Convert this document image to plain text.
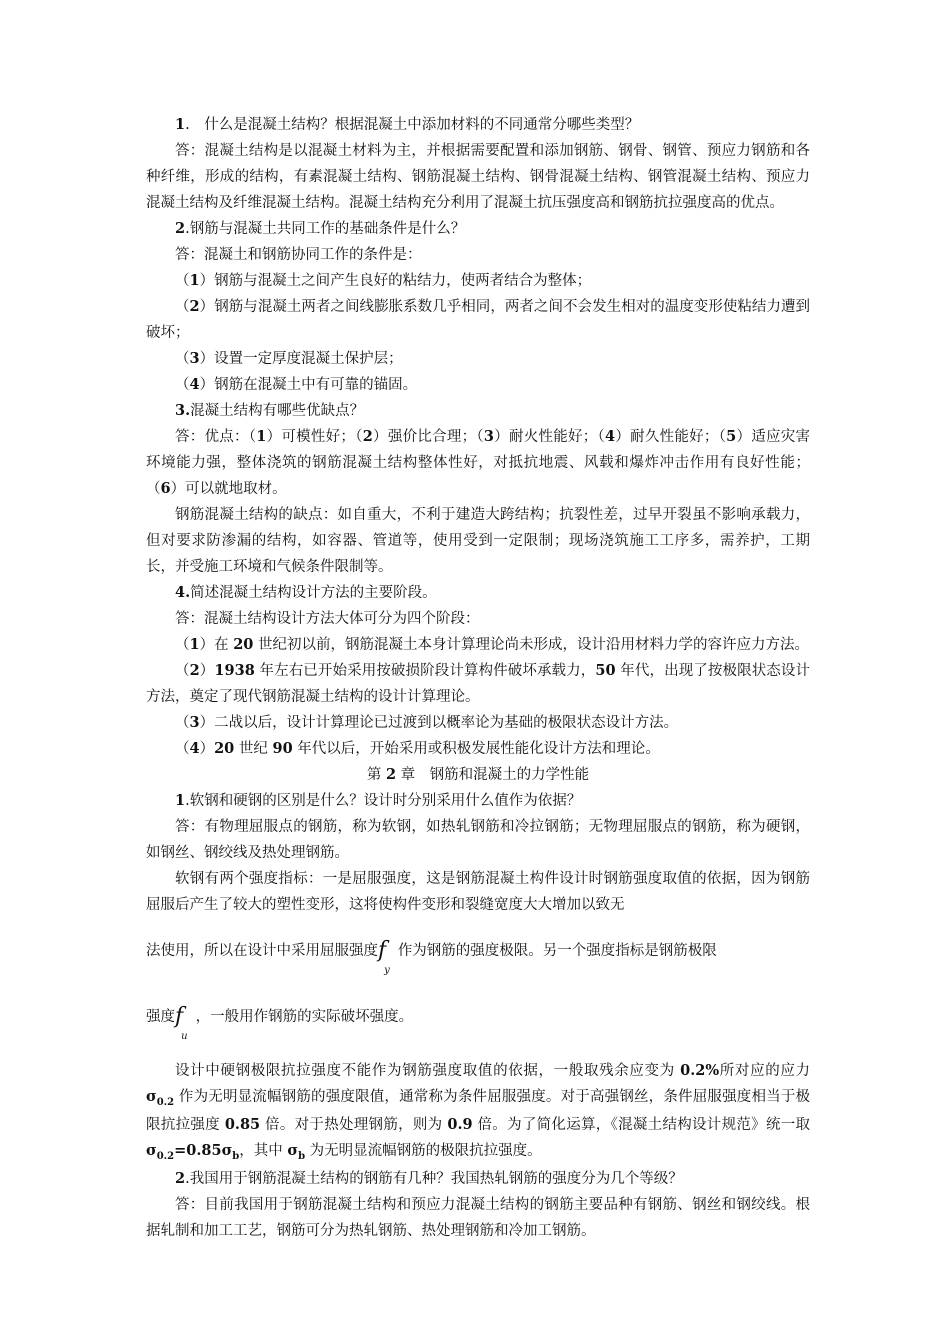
1.　什么是混凝土结构？根据混凝土中添加材料的不同通常分哪些类型？

答：混凝土结构是以混凝土材料为主，并根据需要配置和添加钢筋、钢骨、钢管、预应力钢筋和各种纤维，形成的结构，有素混凝土结构、钢筋混凝土结构、钢骨混凝土结构、钢管混凝土结构、预应力混凝土结构及纤维混凝土结构。混凝土结构充分利用了混凝土抗压强度高和钢筋抗拉强度高的优点。

2.钢筋与混凝土共同工作的基础条件是什么？

答：混凝土和钢筋协同工作的条件是：

（1）钢筋与混凝土之间产生良好的粘结力，使两者结合为整体；

（2）钢筋与混凝土两者之间线膨胀系数几乎相同，两者之间不会发生相对的温度变形使粘结力遭到破坏；

（3）设置一定厚度混凝土保护层；

（4）钢筋在混凝土中有可靠的锚固。

3.混凝土结构有哪些优缺点？

答：优点：（1）可模性好；（2）强价比合理；（3）耐火性能好；（4）耐久性能好；（5）适应灾害环境能力强，整体浇筑的钢筋混凝土结构整体性好，对抵抗地震、风载和爆炸冲击作用有良好性能；（6）可以就地取材。

钢筋混凝土结构的缺点：如自重大，不利于建造大跨结构；抗裂性差，过早开裂虽不影响承载力，但对要求防渗漏的结构，如容器、管道等，使用受到一定限制；现场浇筑施工工序多，需养护，工期长，并受施工环境和气候条件限制等。

4.简述混凝土结构设计方法的主要阶段。

答：混凝土结构设计方法大体可分为四个阶段：

（1）在 20 世纪初以前，钢筋混凝土本身计算理论尚未形成，设计沿用材料力学的容许应力方法。

（2）1938 年左右已开始采用按破损阶段计算构件破坏承载力，50 年代，出现了按极限状态设计方法，奠定了现代钢筋混凝土结构的设计计算理论。

（3）二战以后，设计计算理论已过渡到以概率论为基础的极限状态设计方法。

（4）20 世纪 90 年代以后，开始采用或积极发展性能化设计方法和理论。

第 2 章　钢筋和混凝土的力学性能

1.软钢和硬钢的区别是什么？设计时分别采用什么值作为依据？

答：有物理屈服点的钢筋，称为软钢，如热轧钢筋和冷拉钢筋；无物理屈服点的钢筋，称为硬钢，如钢丝、钢绞线及热处理钢筋。

软钢有两个强度指标：一是屈服强度，这是钢筋混凝土构件设计时钢筋强度取值的依据，因为钢筋屈服后产生了较大的塑性变形，这将使构件变形和裂缝宽度大大增加以致无

法使用，所以在设计中采用屈服强度$f_y$作为钢筋的强度极限。另一个强度指标是钢筋极限

强度$f_u$，一般用作钢筋的实际破坏强度。

设计中硬钢极限抗拉强度不能作为钢筋强度取值的依据，一般取残余应变为 0.2%所对应的应力 $\sigma_{0.2}$ 作为无明显流幅钢筋的强度限值，通常称为条件屈服强度。对于高强钢丝，条件屈服强度相当于极限抗拉强度 0.85 倍。对于热处理钢筋，则为 0.9 倍。为了简化运算，《混凝土结构设计规范》统一取 $\sigma_{0.2}=0.85\sigma_b$，其中 $\sigma_b$ 为无明显流幅钢筋的极限抗拉强度。

2.我国用于钢筋混凝土结构的钢筋有几种？我国热轧钢筋的强度分为几个等级？

答：目前我国用于钢筋混凝土结构和预应力混凝土结构的钢筋主要品种有钢筋、钢丝和钢绞线。根据轧制和加工工艺，钢筋可分为热轧钢筋、热处理钢筋和冷加工钢筋。
